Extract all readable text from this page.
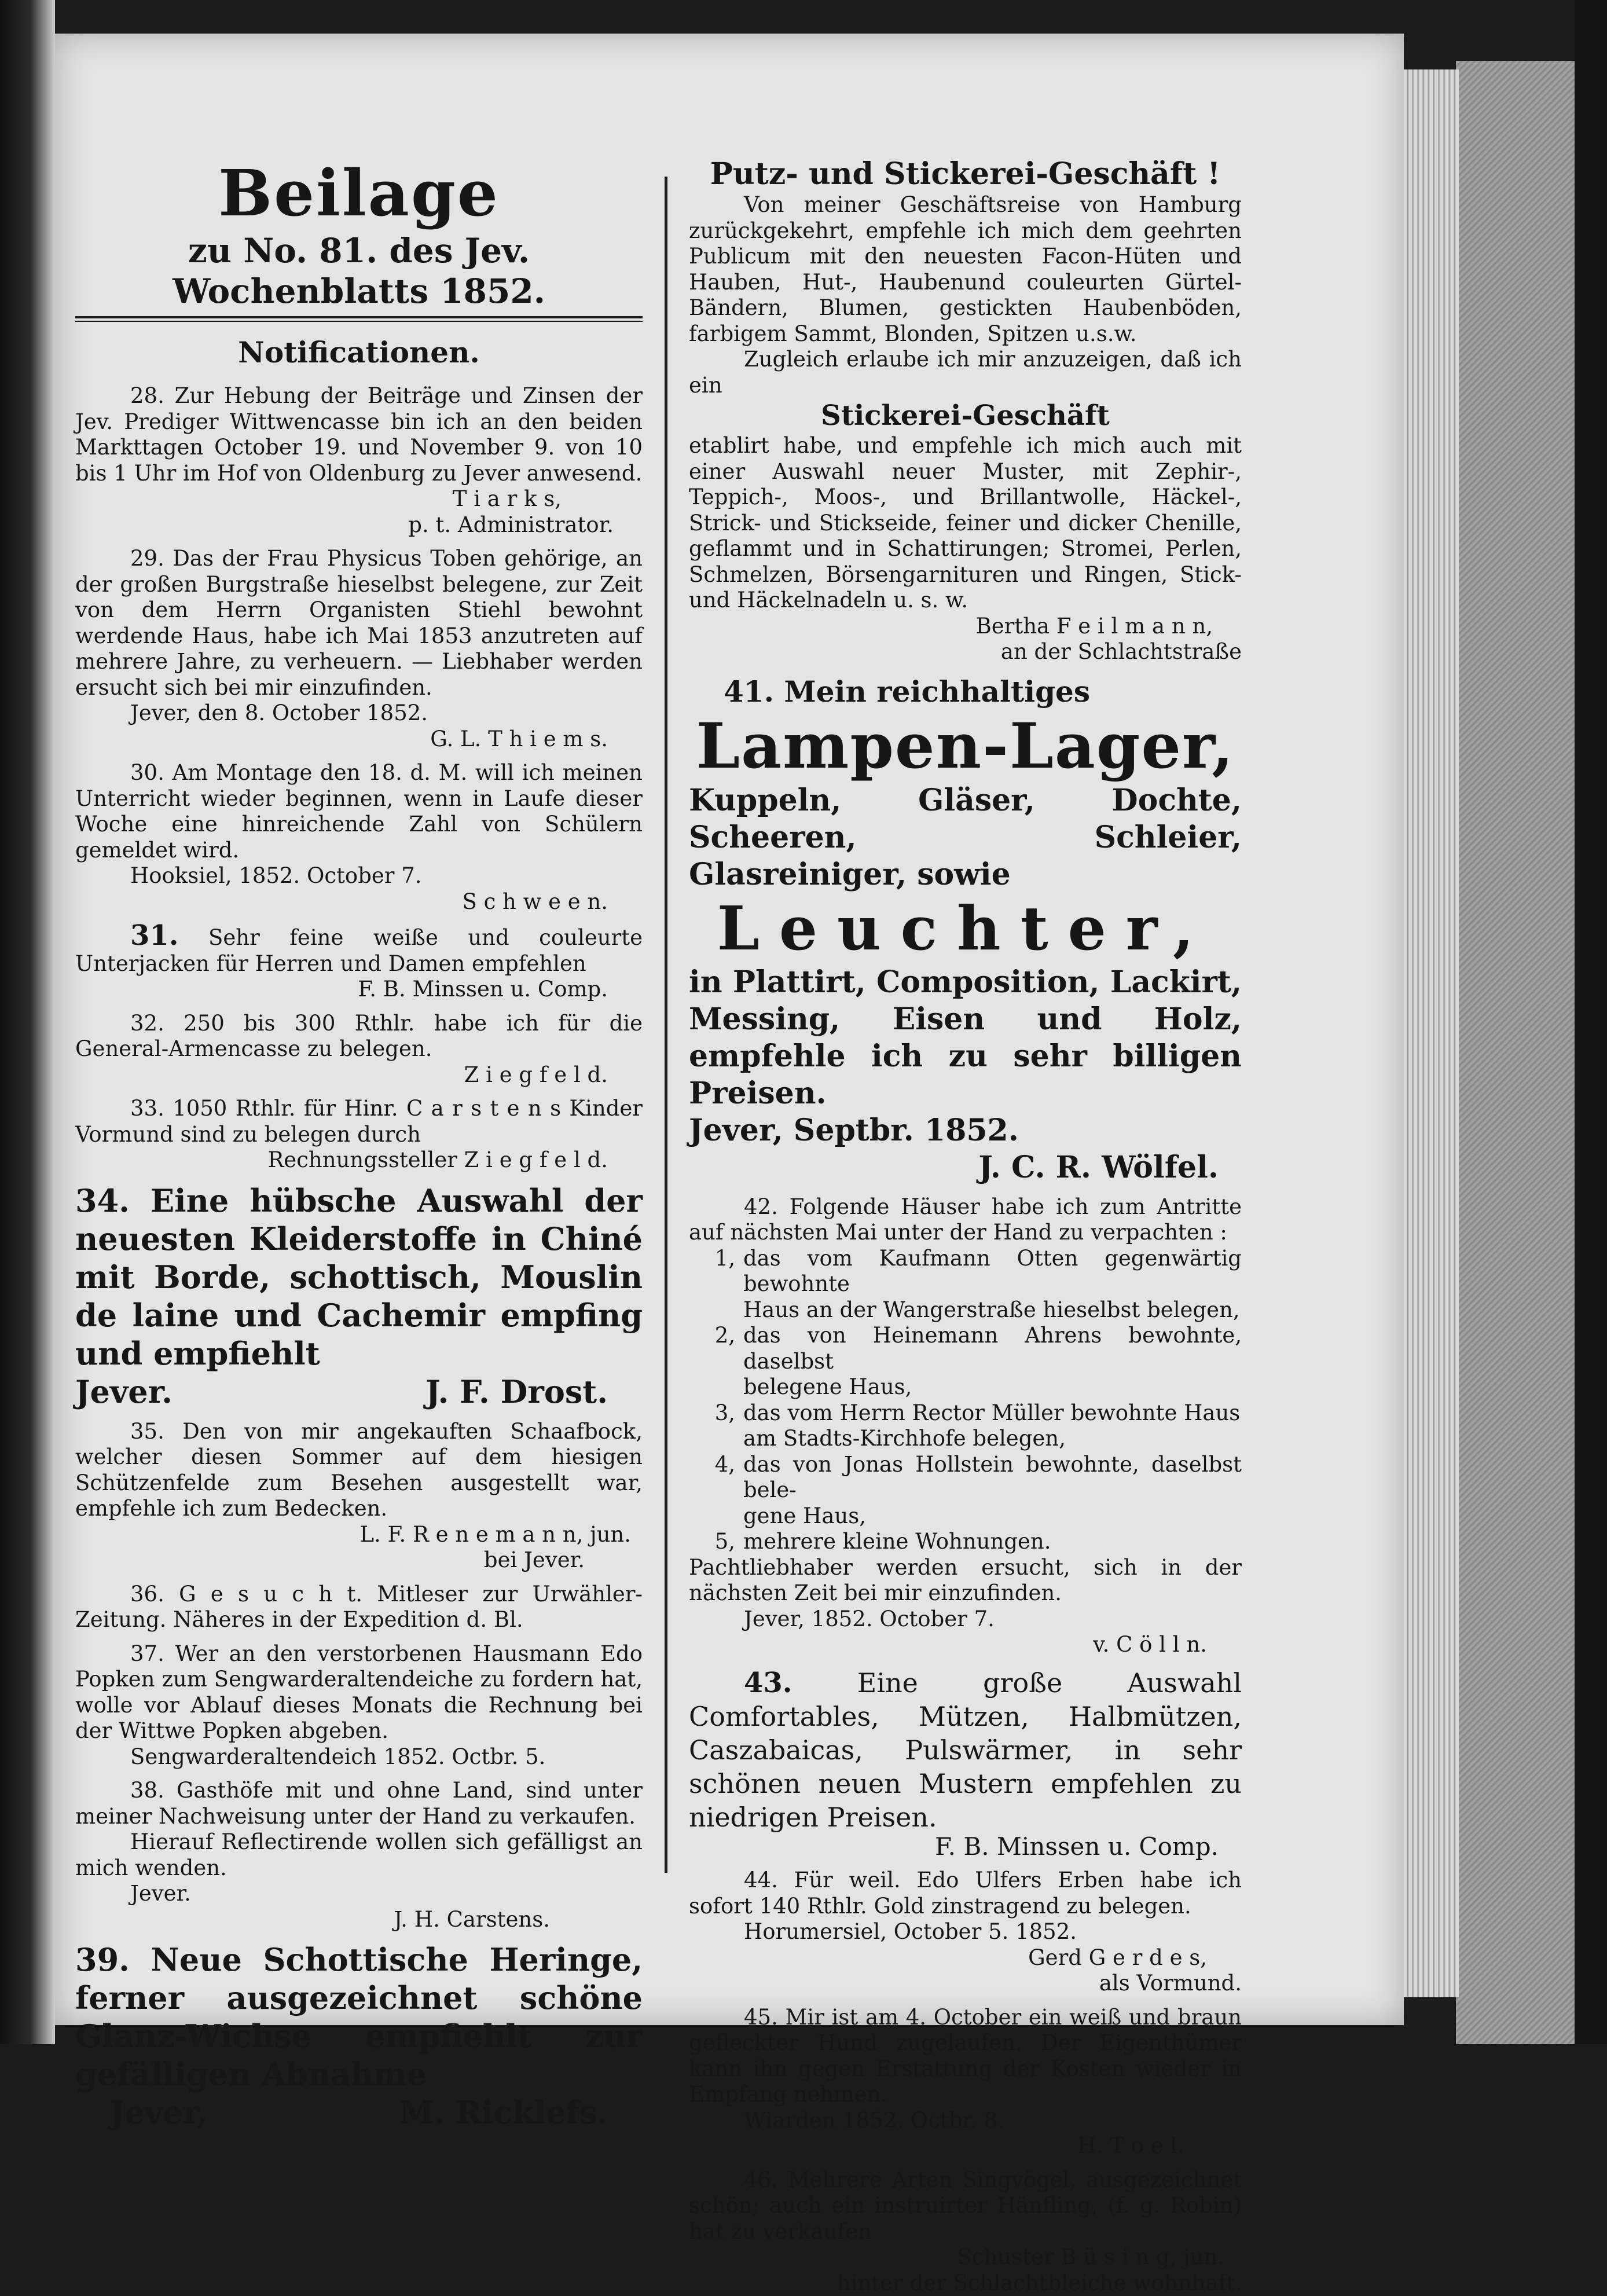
Beilage
zu No. 81. des Jev. Wochenblatts 1852.
Notificationen.

28. Zur Hebung der Beiträge und Zinsen der Jev. Prediger Wittwencasse bin ich an den beiden Markttagen October 19. und November 9. von 10 bis 1 Uhr im Hof von Oldenburg zu Jever anwesend.

T i a r k s,

p. t. Administrator.

29. Das der Frau Physicus Toben gehörige, an der großen Burgstraße hieselbst belegene, zur Zeit von dem Herrn Organisten Stiehl bewohnt werdende Haus, habe ich Mai 1853 anzutreten auf mehrere Jahre, zu verheuern. — Liebhaber werden ersucht sich bei mir einzufinden.

Jever, den 8. October 1852.

G. L. T h i e m s.

30. Am Montage den 18. d. M. will ich meinen Unterricht wieder beginnen, wenn in Laufe dieser Woche eine hinreichende Zahl von Schülern gemeldet wird.

Hooksiel, 1852. October 7.

S c h w e e n.

31. Sehr feine weiße und couleurte Unterjacken für Herren und Damen empfehlen

F. B. Minssen u. Comp.

32. 250 bis 300 Rthlr. habe ich für die General-Armencasse zu belegen.

Z i e g f e l d.

33. 1050 Rthlr. für Hinr. C a r s t e n s Kinder Vormund sind zu belegen durch

Rechnungssteller Z i e g f e l d.

34. Eine hübsche Auswahl der neuesten Kleiderstoffe in Chiné mit Borde, schottisch, Mouslin de laine und Cachemir empfing und empfiehlt

Jever.	J. F. Drost.

35. Den von mir angekauften Schaafbock, welcher diesen Sommer auf dem hiesigen Schützenfelde zum Besehen ausgestellt war, empfehle ich zum Bedecken.

L. F. R e n e m a n n, jun.

bei Jever.

36. G e s u c h t. Mitleser zur Urwähler-Zeitung. Näheres in der Expedition d. Bl.

37. Wer an den verstorbenen Hausmann Edo Popken zum Sengwarderaltendeiche zu fordern hat, wolle vor Ablauf dieses Monats die Rechnung bei der Wittwe Popken abgeben.

Sengwarderaltendeich 1852. Octbr. 5.

38. Gasthöfe mit und ohne Land, sind unter meiner Nachweisung unter der Hand zu verkaufen.

Hierauf Reflectirende wollen sich gefälligst an mich wenden.

Jever.

J. H. Carstens.

39. Neue Schottische Heringe, ferner ausgezeichnet schöne Glanz-Wichse empfiehlt zur gefälligen Abnahme

Jever,	M. Ricklefs.

Putz- und Stickerei-Geschäft !

Von meiner Geschäftsreise von Hamburg zurückgekehrt, empfehle ich mich dem geehrten Publicum mit den neuesten Facon-Hüten und Hauben, Hut-, Haubenund couleurten Gürtel-Bändern, Blumen, gestickten Haubenböden, farbigem Sammt, Blonden, Spitzen u.s.w.

Zugleich erlaube ich mir anzuzeigen, daß ich ein

Stickerei-Geschäft

etablirt habe, und empfehle ich mich auch mit einer Auswahl neuer Muster, mit Zephir-, Teppich-, Moos-, und Brillantwolle, Häckel-, Strick- und Stickseide, feiner und dicker Chenille, geflammt und in Schattirungen; Stromei, Perlen, Schmelzen, Börsengarnituren und Ringen, Stick- und Häckelnadeln u. s. w.

Bertha F e i l m a n n,

an der Schlachtstraße

41. Mein reichhaltiges

Lampen-Lager,

Kuppeln, Gläser, Dochte, Scheeren, Schleier, Glasreiniger, sowie

Leuchter,

in Plattirt, Composition, Lackirt, Messing, Eisen und Holz, empfehle ich zu sehr billigen Preisen.

Jever, Septbr. 1852.

J. C. R. Wölfel.

42. Folgende Häuser habe ich zum Antritte auf nächsten Mai unter der Hand zu verpachten :

1, das vom Kaufmann Otten gegenwärtig bewohnte

Haus an der Wangerstraße hieselbst belegen,

2, das von Heinemann Ahrens bewohnte, daselbst

belegene Haus,

3, das vom Herrn Rector Müller bewohnte Haus

am Stadts-Kirchhofe belegen,

4, das von Jonas Hollstein bewohnte, daselbst bele-

gene Haus,

5, mehrere kleine Wohnungen.

Pachtliebhaber werden ersucht, sich in der nächsten Zeit bei mir einzufinden.

Jever, 1852. October 7.

v. C ö l l n.

43. Eine große Auswahl Comfortables, Mützen, Halbmützen, Caszabaicas, Pulswärmer, in sehr schönen neuen Mustern empfehlen zu niedrigen Preisen.

F. B. Minssen u. Comp.

44. Für weil. Edo Ulfers Erben habe ich sofort 140 Rthlr. Gold zinstragend zu belegen.

Horumersiel, October 5. 1852.

Gerd G e r d e s,

als Vormund.

45. Mir ist am 4. October ein weiß und braun gefleckter Hund zugelaufen. Der Eigenthümer kann ihn gegen Erstattung der Kosten wieder in Empfang nehmen.

Wiarden 1852. Octbr. 8.

H. T o e l.

46. Mehrere Arten Singvögel, ausgezeichnet schön; auch ein instruirter Hänfling, (f. g. Robin) hat zu verkaufen

Schuster B ü s i n g, jun.

hinter der Schlachtbleiche wohnhaft.
